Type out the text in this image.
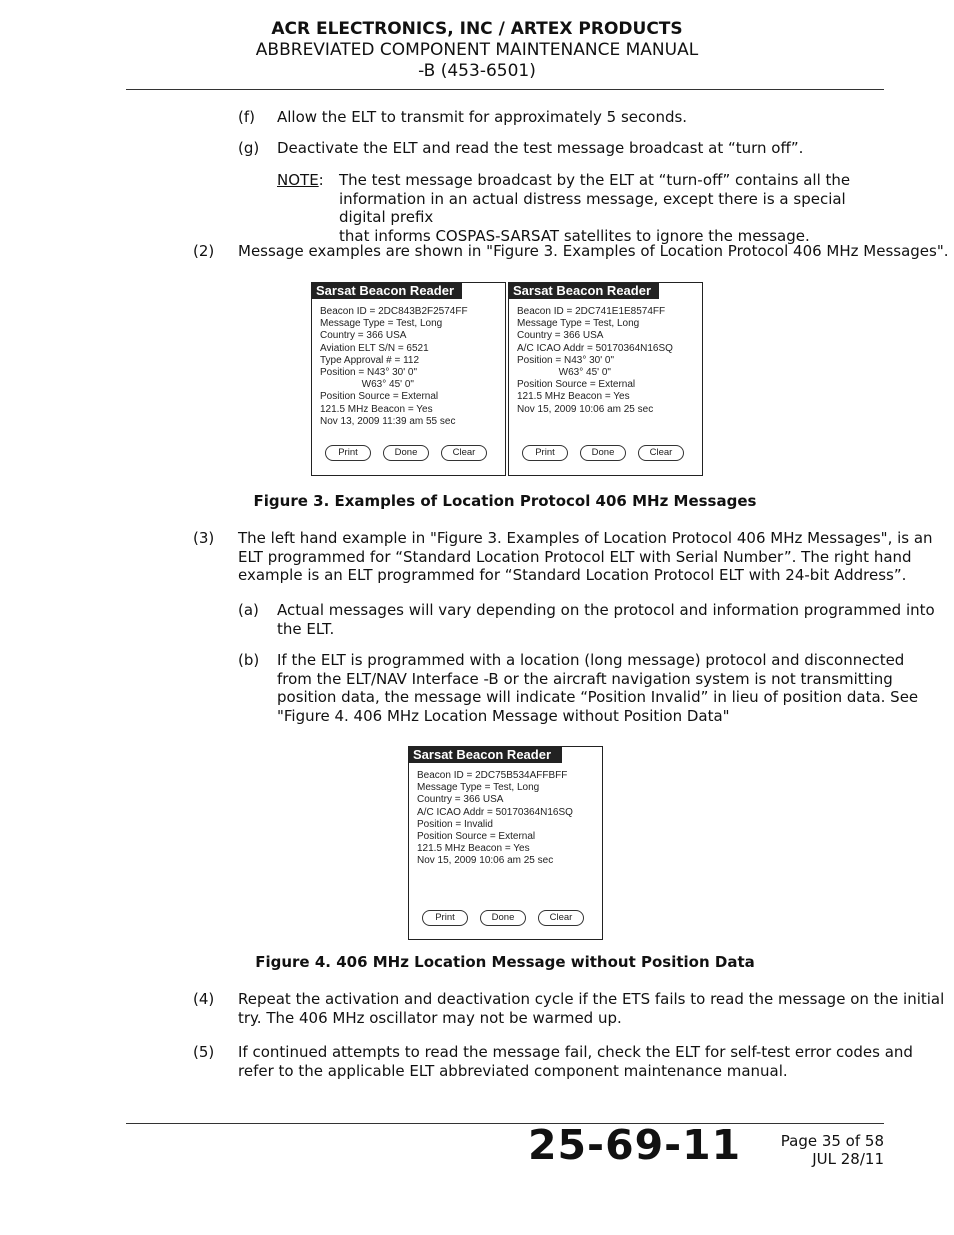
ACR ELECTRONICS, INC / ARTEX PRODUCTS
ABBREVIATED COMPONENT MAINTENANCE MANUAL
-B (453-6501)
(f) Allow the ELT to transmit for approximately 5 seconds.
(g) Deactivate the ELT and read the test message broadcast at “turn off”.
NOTE: The test message broadcast by the ELT at “turn-off” contains all the
information in an actual distress message, except there is a special digital prefix
that informs COSPAS-SARSAT satellites to ignore the message.
(2) Message examples are shown in "Figure 3. Examples of Location Protocol 406 MHz Messages".
Sarsat Beacon Reader
Beacon ID = 2DC843B2F2574FF
Message Type = Test, Long
Country = 366 USA
Aviation ELT S/N = 6521
Type Approval # = 112
Position = N43° 30' 0"
W63° 45' 0"
Position Source = External
121.5 MHz Beacon = Yes
Nov 13, 2009 11:39 am 55 sec
Print	Done	Clear
Sarsat Beacon Reader
Beacon ID = 2DC741E1E8574FF
Message Type = Test, Long
Country = 366 USA
A/C ICAO Addr = 50170364N16SQ
Position = N43° 30' 0"
W63° 45' 0"
Position Source = External
121.5 MHz Beacon = Yes
Nov 15, 2009 10:06 am 25 sec
Print	Done	Clear
Figure 3. Examples of Location Protocol 406 MHz Messages
(3) The left hand example in "Figure 3. Examples of Location Protocol 406 MHz Messages", is an
ELT programmed for “Standard Location Protocol ELT with Serial Number”. The right hand
example is an ELT programmed for “Standard Location Protocol ELT with 24-bit Address”.
(a) Actual messages will vary depending on the protocol and information programmed into
the ELT.
(b) If the ELT is programmed with a location (long message) protocol and disconnected
from the ELT/NAV Interface -B or the aircraft navigation system is not transmitting
position data, the message will indicate “Position Invalid” in lieu of position data. See
"Figure 4. 406 MHz Location Message without Position Data"
Sarsat Beacon Reader
Beacon ID = 2DC75B534AFFBFF
Message Type = Test, Long
Country = 366 USA
A/C ICAO Addr = 50170364N16SQ
Position = Invalid
Position Source = External
121.5 MHz Beacon = Yes
Nov 15, 2009 10:06 am 25 sec
Print	Done	Clear
Figure 4. 406 MHz Location Message without Position Data
(4) Repeat the activation and deactivation cycle if the ETS fails to read the message on the initial
try. The 406 MHz oscillator may not be warmed up.
(5) If continued attempts to read the message fail, check the ELT for self-test error codes and
refer to the applicable ELT abbreviated component maintenance manual.
25-69-11	Page 35 of 58
JUL 28/11
